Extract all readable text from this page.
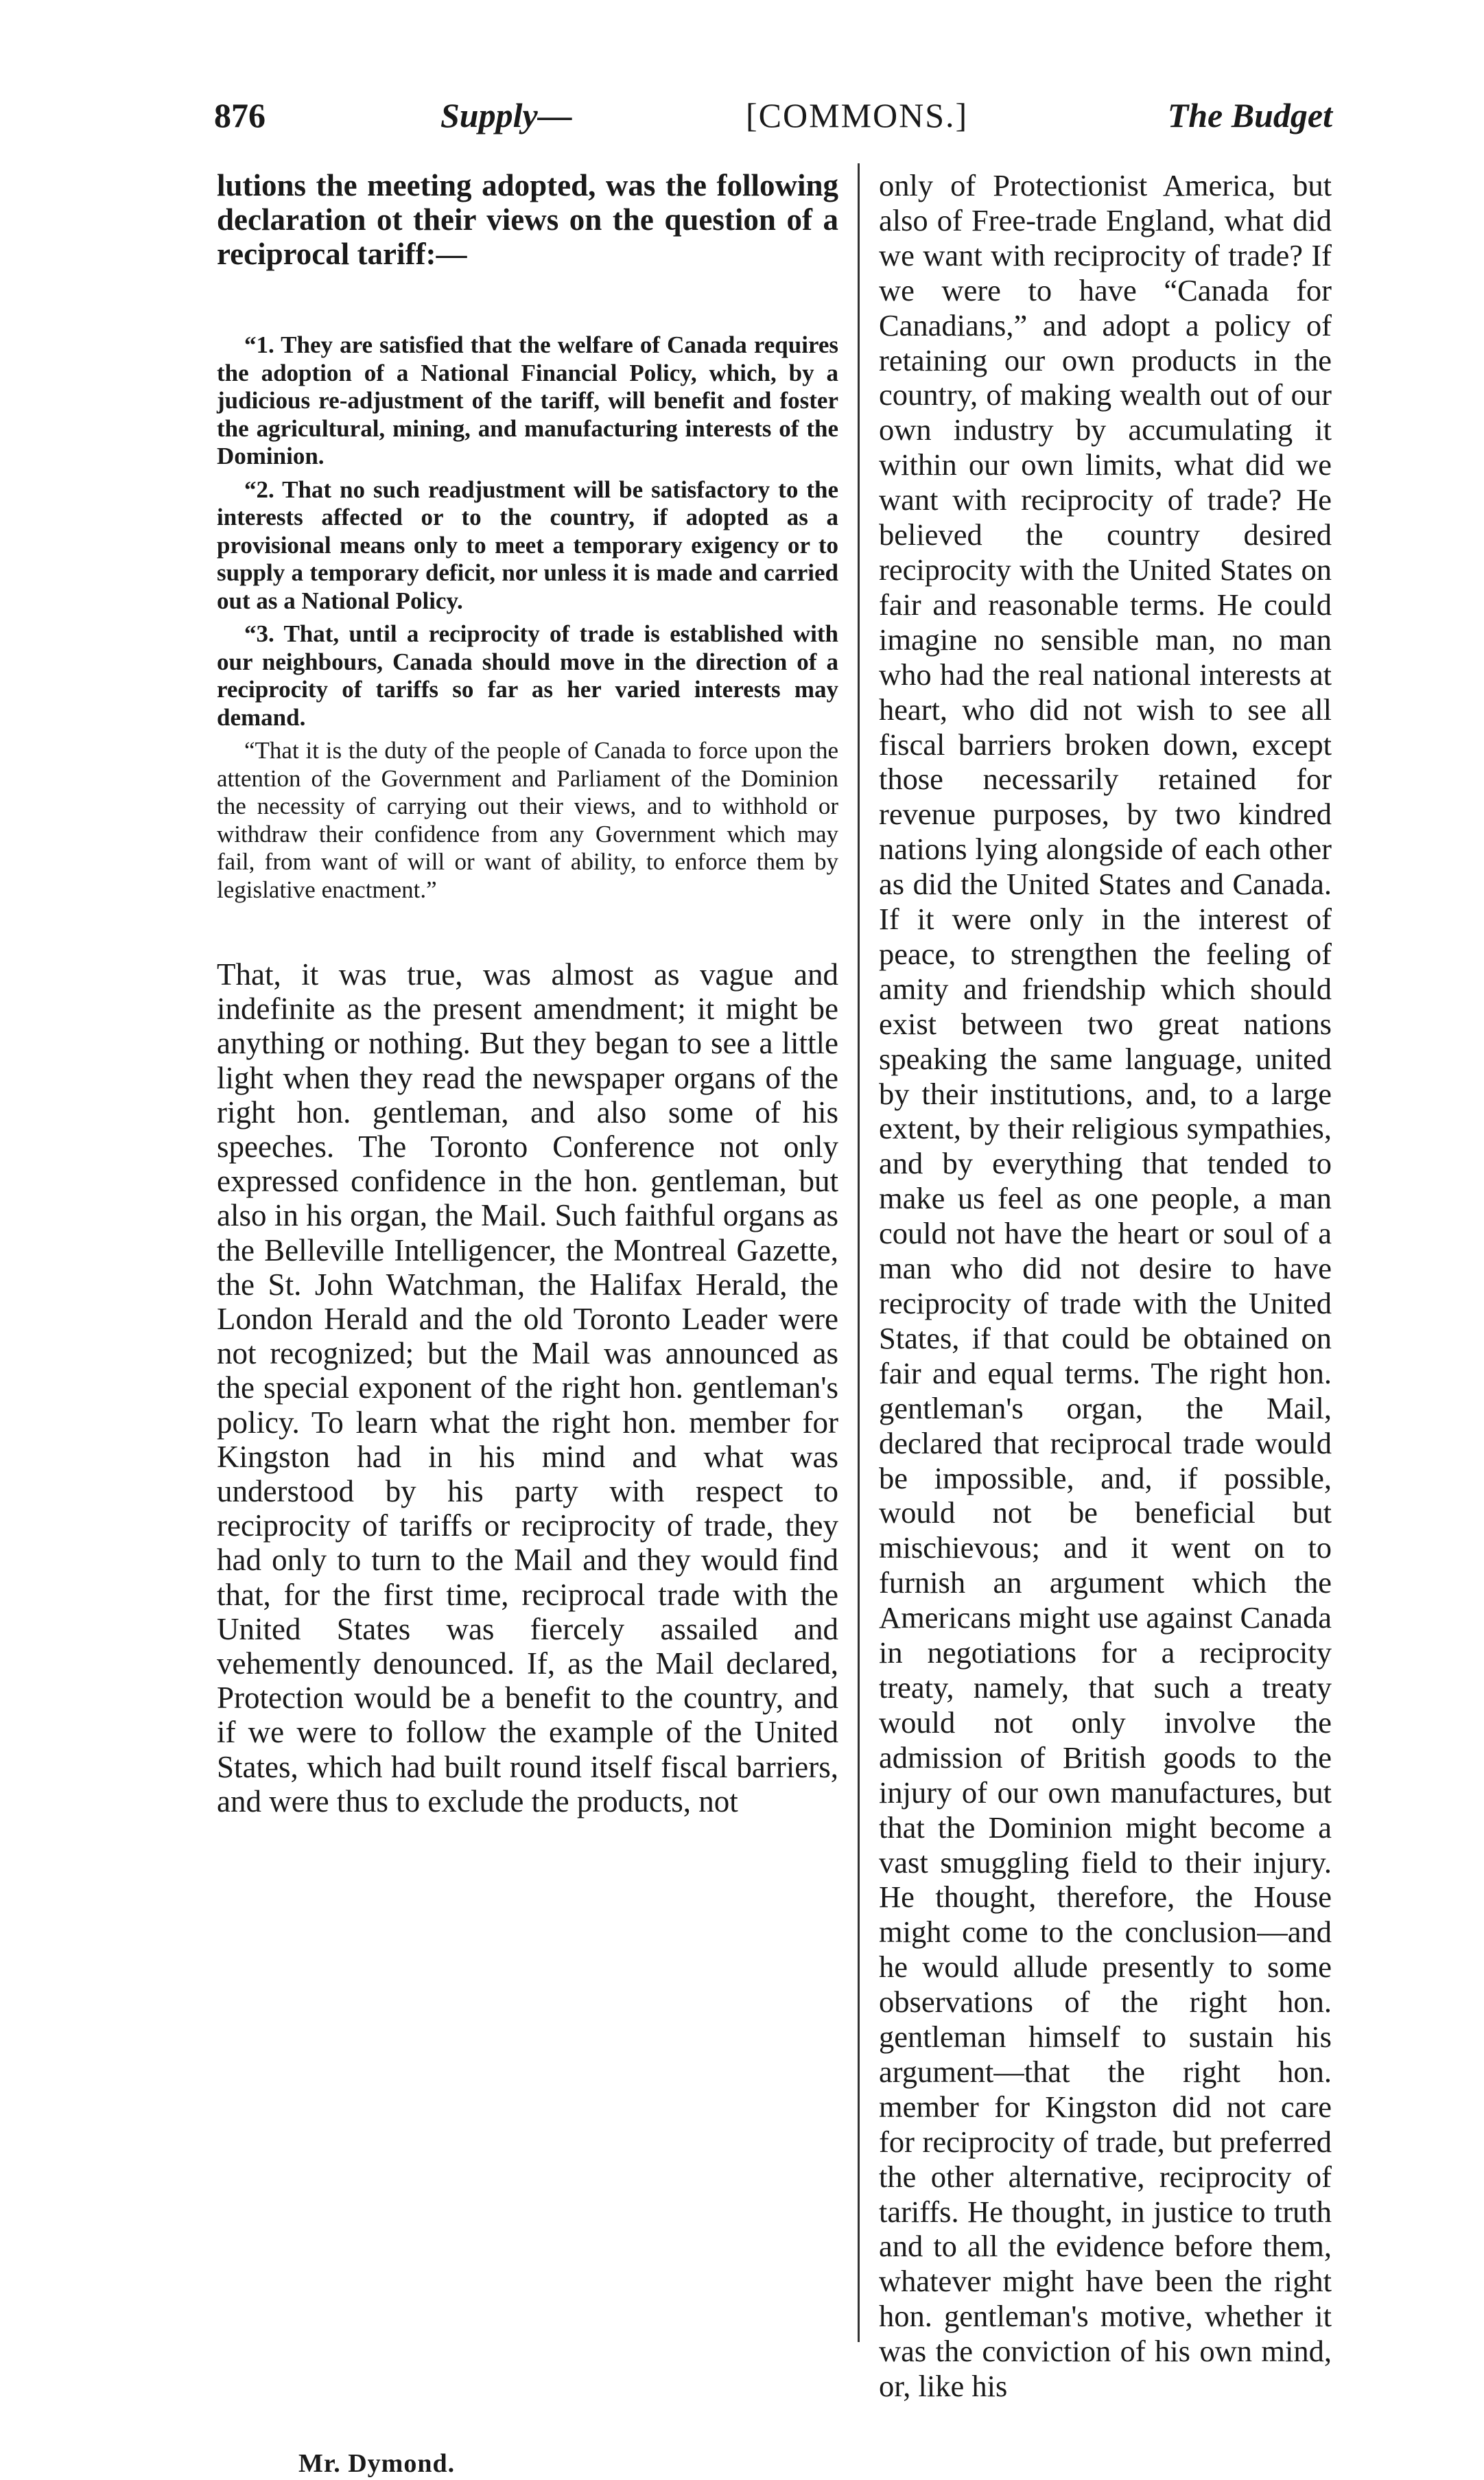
876	Supply—	[COMMONS.]	The Budget

lutions the meeting adopted, was the following declaration ot their views on the question of a reciprocal tariff:—

“1. They are satisfied that the welfare of Canada requires the adoption of a National Financial Policy, which, by a judicious re-adjustment of the tariff, will benefit and foster the agricultural, mining, and manufacturing interests of the Dominion.

“2. That no such readjustment will be satisfactory to the interests affected or to the country, if adopted as a provisional means only to meet a temporary exigency or to supply a temporary deficit, nor unless it is made and carried out as a National Policy.

“3. That, until a reciprocity of trade is established with our neighbours, Canada should move in the direction of a reciprocity of tariffs so far as her varied interests may demand.

“That it is the duty of the people of Canada to force upon the attention of the Government and Parliament of the Dominion the necessity of carrying out their views, and to withhold or withdraw their confidence from any Government which may fail, from want of will or want of ability, to enforce them by legislative enactment.”

That, it was true, was almost as vague and indefinite as the present amendment; it might be anything or nothing. But they began to see a little light when they read the newspaper organs of the right hon. gentleman, and also some of his speeches. The Toronto Conference not only expressed confidence in the hon. gentleman, but also in his organ, the Mail. Such faithful organs as the Belleville Intelligencer, the Montreal Gazette, the St. John Watchman, the Halifax Herald, the London Herald and the old Toronto Leader were not recognized; but the Mail was announced as the special exponent of the right hon. gentleman's policy. To learn what the right hon. member for Kingston had in his mind and what was understood by his party with respect to reciprocity of tariffs or reciprocity of trade, they had only to turn to the Mail and they would find that, for the first time, reciprocal trade with the United States was fiercely assailed and vehemently denounced. If, as the Mail declared, Protection would be a benefit to the country, and if we were to follow the example of the United States, which had built round itself fiscal barriers, and were thus to exclude the products, not

Mr. Dymond.

only of Protectionist America, but also of Free-trade England, what did we want with reciprocity of trade? If we were to have “Canada for Canadians,” and adopt a policy of retaining our own products in the country, of making wealth out of our own industry by accumulating it within our own limits, what did we want with reciprocity of trade? He believed the country desired reciprocity with the United States on fair and reasonable terms. He could imagine no sensible man, no man who had the real national interests at heart, who did not wish to see all fiscal barriers broken down, except those necessarily retained for revenue purposes, by two kindred nations lying alongside of each other as did the United States and Canada. If it were only in the interest of peace, to strengthen the feeling of amity and friendship which should exist between two great nations speaking the same language, united by their institutions, and, to a large extent, by their religious sympathies, and by everything that tended to make us feel as one people, a man could not have the heart or soul of a man who did not desire to have reciprocity of trade with the United States, if that could be obtained on fair and equal terms. The right hon. gentleman's organ, the Mail, declared that reciprocal trade would be impossible, and, if possible, would not be beneficial but mischievous; and it went on to furnish an argument which the Americans might use against Canada in negotiations for a reciprocity treaty, namely, that such a treaty would not only involve the admission of British goods to the injury of our own manufactures, but that the Dominion might become a vast smuggling field to their injury. He thought, therefore, the House might come to the conclusion—and he would allude presently to some observations of the right hon. gentleman himself to sustain his argument—that the right hon. member for Kingston did not care for reciprocity of trade, but preferred the other alternative, reciprocity of tariffs. He thought, in justice to truth and to all the evidence before them, whatever might have been the right hon. gentleman's motive, whether it was the conviction of his own mind, or, like his
